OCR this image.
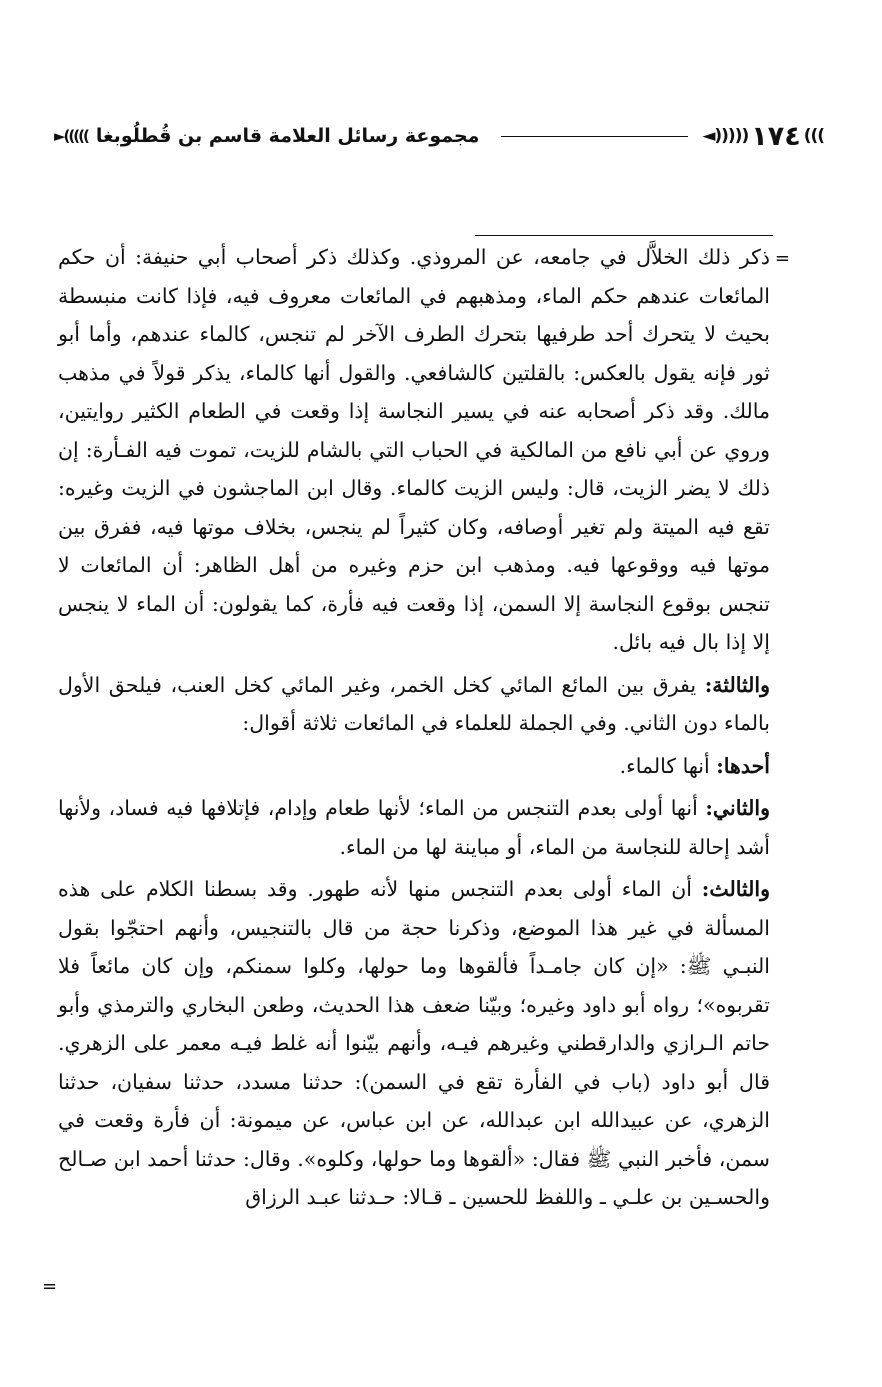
◄))))) ١٧٤ (((
مجموعة رسائل العلامة قاسم بن قُطلُوبغا
)))))►
=

ذكر ذلك الخلاَّل في جامعه، عن المروذي. وكذلك ذكر أصحاب أبي حنيفة: أن حكم المائعات عندهم حكم الماء، ومذهبهم في المائعات معروف فيه، فإذا كانت منبسطة بحيث لا يتحرك أحد طرفيها بتحرك الطرف الآخر لم تنجس، كالماء عندهم، وأما أبو ثور فإنه يقول بالعكس: بالقلتين كالشافعي. والقول أنها كالماء، يذكر قولاً في مذهب مالك. وقد ذكر أصحابه عنه في يسير النجاسة إذا وقعت في الطعام الكثير روايتين، وروي عن أبي نافع من المالكية في الحباب التي بالشام للزيت، تموت فيه الفـأرة: إن ذلك لا يضر الزيت، قال: وليس الزيت كالماء. وقال ابن الماجشون في الزيت وغيره: تقع فيه الميتة ولم تغير أوصافه، وكان كثيراً لم ينجس، بخلاف موتها فيه، ففرق بين موتها فيه ووقوعها فيه. ومذهب ابن حزم وغيره من أهل الظاهر: أن المائعات لا تنجس بوقوع النجاسة إلا السمن، إذا وقعت فيه فأرة، كما يقولون: أن الماء لا ينجس إلا إذا بال فيه بائل.

والثالثة: يفرق بين المائع المائي كخل الخمر، وغير المائي كخل العنب، فيلحق الأول بالماء دون الثاني. وفي الجملة للعلماء في المائعات ثلاثة أقوال:

أحدها: أنها كالماء.

والثاني: أنها أولى بعدم التنجس من الماء؛ لأنها طعام وإدام، فإتلافها فيه فساد، ولأنها أشد إحالة للنجاسة من الماء، أو مباينة لها من الماء.

والثالث: أن الماء أولى بعدم التنجس منها لأنه طهور. وقد بسطنا الكلام على هذه المسألة في غير هذا الموضع، وذكرنا حجة من قال بالتنجيس، وأنهم احتجّوا بقول النبـي ﷺ: «إن كان جامـداً فألقوها وما حولها، وكلوا سمنكم، وإن كان مائعاً فلا تقربوه»؛ رواه أبو داود وغيره؛ وبيّنا ضعف هذا الحديث، وطعن البخاري والترمذي وأبو حاتم الـرازي والدارقطني وغيرهم فيـه، وأنهم بيّنوا أنه غلط فيـه معمر على الزهري. قال أبو داود (باب في الفأرة تقع في السمن): حدثنا مسدد، حدثنا سفيان، حدثنا الزهري، عن عبيدالله ابن عبدالله، عن ابن عباس، عن ميمونة: أن فأرة وقعت في سمن، فأخبر النبي ﷺ فقال: «ألقوها وما حولها، وكلوه». وقال: حدثنا أحمد ابن صـالح والحسـين بن علـي ـ واللفظ للحسين ـ قـالا: حـدثنا عبـد الرزاق

=
